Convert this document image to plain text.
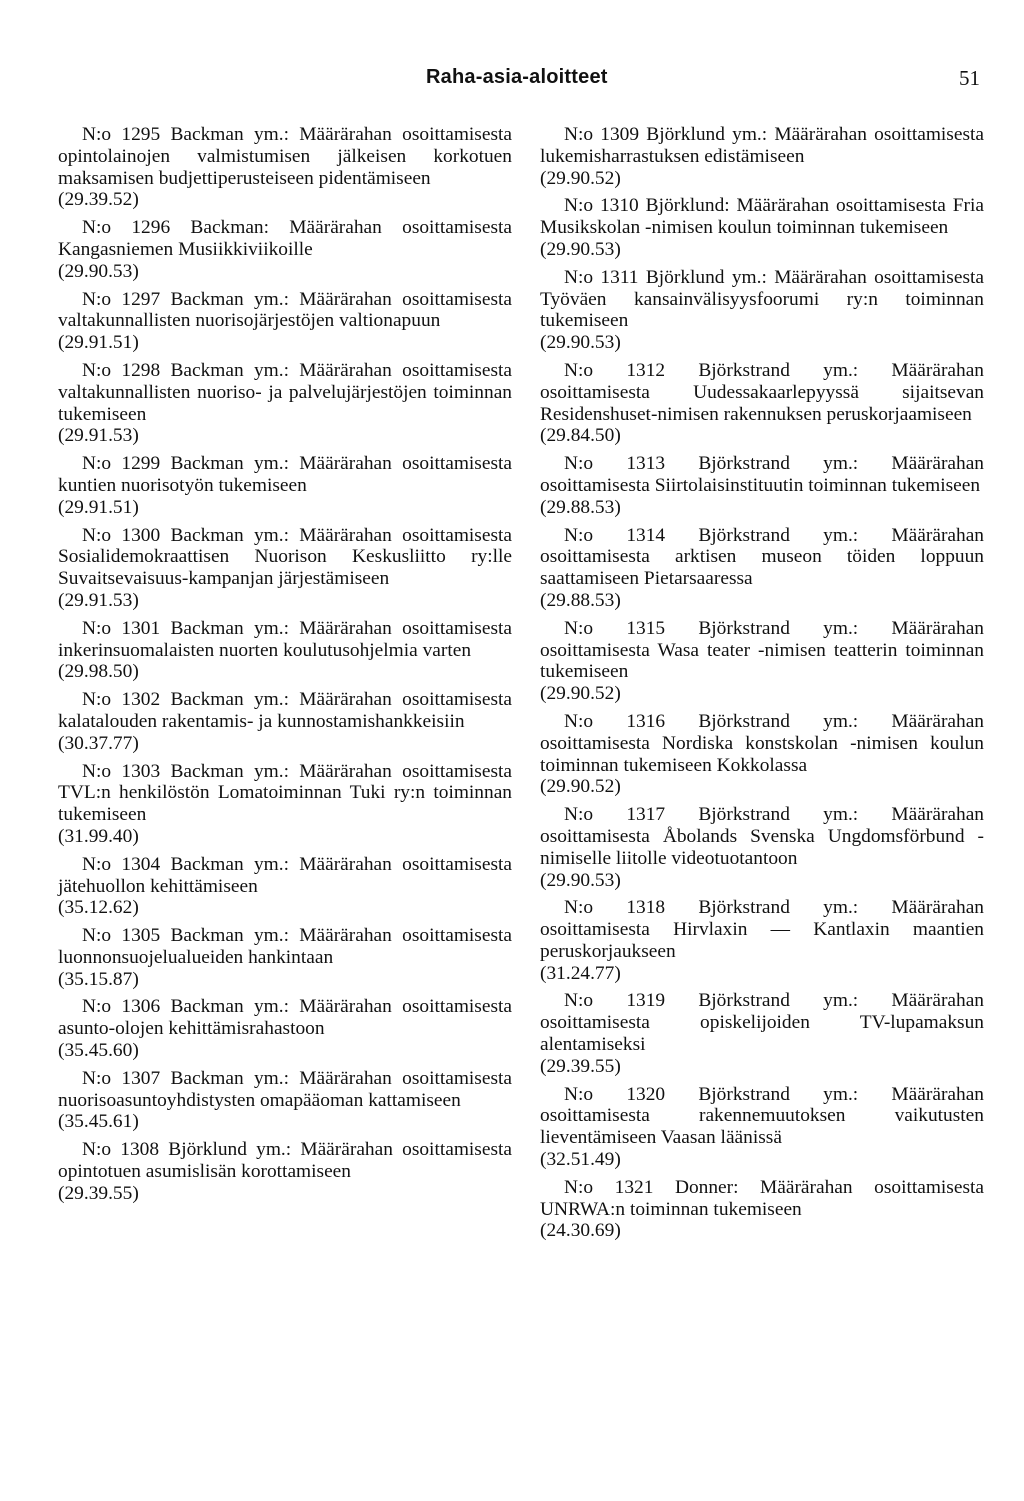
Raha-asia-aloitteet	51
N:o 1295 Backman ym.: Määrärahan osoittamisesta opintolainojen valmistumisen jälkeisen korkotuen maksamisen budjettiperusteiseen pidentämiseen
(29.39.52)
N:o 1296 Backman: Määrärahan osoittamisesta Kangasniemen Musiikkiviikoille
(29.90.53)
N:o 1297 Backman ym.: Määrärahan osoittamisesta valtakunnallisten nuorisojärjestöjen valtionapuun
(29.91.51)
N:o 1298 Backman ym.: Määrärahan osoittamisesta valtakunnallisten nuoriso- ja palvelujärjestöjen toiminnan tukemiseen
(29.91.53)
N:o 1299 Backman ym.: Määrärahan osoittamisesta kuntien nuorisotyön tukemiseen
(29.91.51)
N:o 1300 Backman ym.: Määrärahan osoittamisesta Sosialidemokraattisen Nuorison Keskusliitto ry:lle Suvaitsevaisuus-kampanjan järjestämiseen
(29.91.53)
N:o 1301 Backman ym.: Määrärahan osoittamisesta inkerinsuomalaisten nuorten koulutusohjelmia varten
(29.98.50)
N:o 1302 Backman ym.: Määrärahan osoittamisesta kalatalouden rakentamis- ja kunnostamishankkeisiin
(30.37.77)
N:o 1303 Backman ym.: Määrärahan osoittamisesta TVL:n henkilöstön Lomatoiminnan Tuki ry:n toiminnan tukemiseen
(31.99.40)
N:o 1304 Backman ym.: Määrärahan osoittamisesta jätehuollon kehittämiseen
(35.12.62)
N:o 1305 Backman ym.: Määrärahan osoittamisesta luonnonsuojelualueiden hankintaan
(35.15.87)
N:o 1306 Backman ym.: Määrärahan osoittamisesta asunto-olojen kehittämisrahastoon
(35.45.60)
N:o 1307 Backman ym.: Määrärahan osoittamisesta nuorisoasuntoyhdistysten omapääoman kattamiseen
(35.45.61)
N:o 1308 Björklund ym.: Määrärahan osoittamisesta opintotuen asumislisän korottamiseen
(29.39.55)
N:o 1309 Björklund ym.: Määrärahan osoittamisesta lukemisharrastuksen edistämiseen
(29.90.52)
N:o 1310 Björklund: Määrärahan osoittamisesta Fria Musikskolan -nimisen koulun toiminnan tukemiseen
(29.90.53)
N:o 1311 Björklund ym.: Määrärahan osoittamisesta Työväen kansainvälisyysfoorumi ry:n toiminnan tukemiseen
(29.90.53)
N:o 1312 Björkstrand ym.: Määrärahan osoittamisesta Uudessakaarlepyyssä sijaitsevan Residenshuset-nimisen rakennuksen peruskorjaamiseen
(29.84.50)
N:o 1313 Björkstrand ym.: Määrärahan osoittamisesta Siirtolaisinstituutin toiminnan tukemiseen
(29.88.53)
N:o 1314 Björkstrand ym.: Määrärahan osoittamisesta arktisen museon töiden loppuun saattamiseen Pietarsaaressa
(29.88.53)
N:o 1315 Björkstrand ym.: Määrärahan osoittamisesta Wasa teater -nimisen teatterin toiminnan tukemiseen
(29.90.52)
N:o 1316 Björkstrand ym.: Määrärahan osoittamisesta Nordiska konstskolan -nimisen koulun toiminnan tukemiseen Kokkolassa
(29.90.52)
N:o 1317 Björkstrand ym.: Määrärahan osoittamisesta Åbolands Svenska Ungdomsförbund -nimiselle liitolle videotuotantoon
(29.90.53)
N:o 1318 Björkstrand ym.: Määrärahan osoittamisesta Hirvlaxin — Kantlaxin maantien peruskorjaukseen
(31.24.77)
N:o 1319 Björkstrand ym.: Määrärahan osoittamisesta opiskelijoiden TV-lupamaksun alentamiseksi
(29.39.55)
N:o 1320 Björkstrand ym.: Määrärahan osoittamisesta rakennemuutoksen vaikutusten lieventämiseen Vaasan läänissä
(32.51.49)
N:o 1321 Donner: Määrärahan osoittamisesta UNRWA:n toiminnan tukemiseen
(24.30.69)
